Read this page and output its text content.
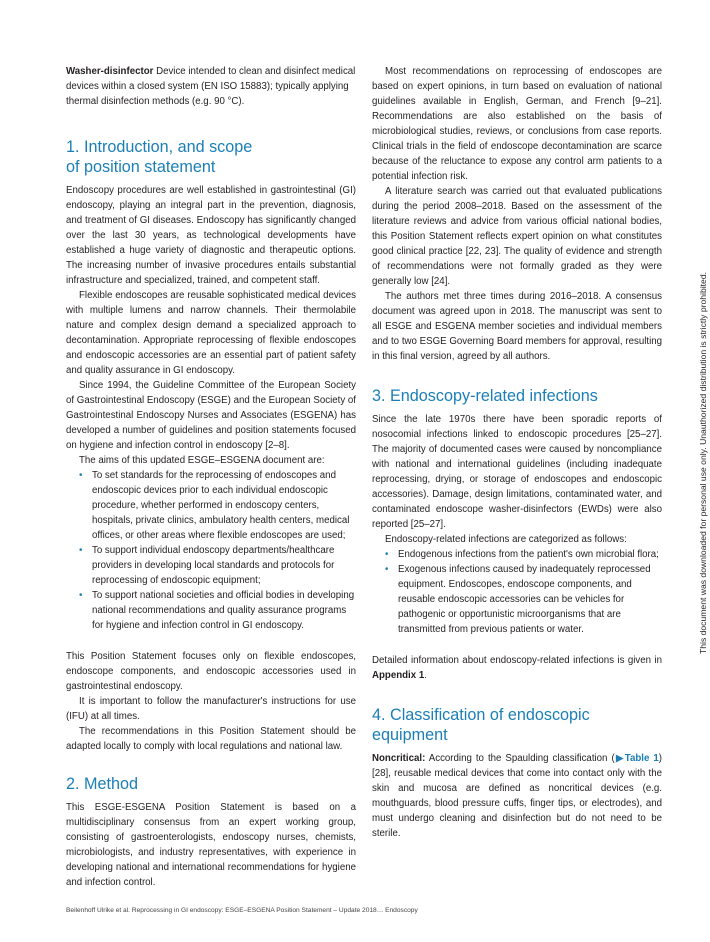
Washer-disinfector Device intended to clean and disinfect medical devices within a closed system (EN ISO 15883); typically applying thermal disinfection methods (e.g. 90 °C).

1. Introduction, and scope
of position statement

Endoscopy procedures are well established in gastrointestinal (GI) endoscopy, playing an integral part in the prevention, diagnosis, and treatment of GI diseases. Endoscopy has significantly changed over the last 30 years, as technological developments have established a huge variety of diagnostic and therapeutic options. The increasing number of invasive procedures entails substantial infrastructure and specialized, trained, and competent staff.

Flexible endoscopes are reusable sophisticated medical devices with multiple lumens and narrow channels. Their thermolabile nature and complex design demand a specialized approach to decontamination. Appropriate reprocessing of flexible endoscopes and endoscopic accessories are an essential part of patient safety and quality assurance in GI endoscopy.

Since 1994, the Guideline Committee of the European Society of Gastrointestinal Endoscopy (ESGE) and the European Society of Gastrointestinal Endoscopy Nurses and Associates (ESGENA) has developed a number of guidelines and position statements focused on hygiene and infection control in endoscopy [2–8].

The aims of this updated ESGE–ESGENA document are:

• To set standards for the reprocessing of endoscopes and endoscopic devices prior to each individual endoscopic procedure, whether performed in endoscopy centers, hospitals, private clinics, ambulatory health centers, medical offices, or other areas where flexible endoscopes are used;
• To support individual endoscopy departments/healthcare providers in developing local standards and protocols for reprocessing of endoscopic equipment;
• To support national societies and official bodies in developing national recommendations and quality assurance programs for hygiene and infection control in GI endoscopy.

This Position Statement focuses only on flexible endoscopes, endoscope components, and endoscopic accessories used in gastrointestinal endoscopy.

It is important to follow the manufacturer's instructions for use (IFU) at all times.

The recommendations in this Position Statement should be adapted locally to comply with local regulations and national law.

2. Method

This ESGE-ESGENA Position Statement is based on a multidisciplinary consensus from an expert working group, consisting of gastroenterologists, endoscopy nurses, chemists, microbiologists, and industry representatives, with experience in developing national and international recommendations for hygiene and infection control.

Most recommendations on reprocessing of endoscopes are based on expert opinions, in turn based on evaluation of national guidelines available in English, German, and French [9–21]. Recommendations are also established on the basis of microbiological studies, reviews, or conclusions from case reports. Clinical trials in the field of endoscope decontamination are scarce because of the reluctance to expose any control arm patients to a potential infection risk.

A literature search was carried out that evaluated publications during the period 2008–2018. Based on the assessment of the literature reviews and advice from various official national bodies, this Position Statement reflects expert opinion on what constitutes good clinical practice [22, 23]. The quality of evidence and strength of recommendations were not formally graded as they were generally low [24].

The authors met three times during 2016–2018. A consensus document was agreed upon in 2018. The manuscript was sent to all ESGE and ESGENA member societies and individual members and to two ESGE Governing Board members for approval, resulting in this final version, agreed by all authors.

3. Endoscopy-related infections

Since the late 1970s there have been sporadic reports of nosocomial infections linked to endoscopic procedures [25–27]. The majority of documented cases were caused by noncompliance with national and international guidelines (including inadequate reprocessing, drying, or storage of endoscopes and endoscopic accessories). Damage, design limitations, contaminated water, and contaminated endoscope washer-disinfectors (EWDs) were also reported [25–27].

Endoscopy-related infections are categorized as follows:

• Endogenous infections from the patient's own microbial flora;
• Exogenous infections caused by inadequately reprocessed equipment. Endoscopes, endoscope components, and reusable endoscopic accessories can be vehicles for pathogenic or opportunistic microorganisms that are transmitted from previous patients or water.

Detailed information about endoscopy-related infections is given in Appendix 1.

4. Classification of endoscopic equipment

Noncritical: According to the Spaulding classification (▶Table 1) [28], reusable medical devices that come into contact only with the skin and mucosa are defined as noncritical devices (e.g. mouthguards, blood pressure cuffs, finger tips, or electrodes), and must undergo cleaning and disinfection but do not need to be sterile.

This document was downloaded for personal use only. Unauthorized distribution is strictly prohibited.
Beilenhoff Ulrike et al. Reprocessing in GI endoscopy: ESGE–ESGENA Position Statement – Update 2018… Endoscopy
